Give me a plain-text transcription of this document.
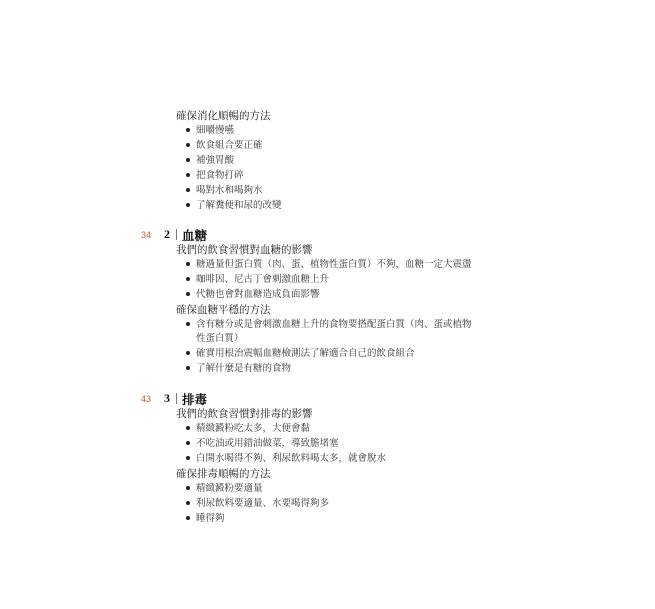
確保消化順暢的方法
細嚼慢嚥
飲食組合要正確
補強胃酸
把食物打碎
喝對水和喝夠水
了解糞便和尿的改變
34 2 血糖
我們的飲食習慣對血糖的影響
糖過量但蛋白質（肉、蛋、植物性蛋白質）不夠，血糖一定大震盪
咖啡因、尼古丁會刺激血糖上升
代糖也會對血糖造成負面影響
確保血糖平穩的方法
含有糖分或是會刺激血糖上升的食物要搭配蛋白質（肉、蛋或植物
性蛋白質）
確實用根治震幅血糖檢測法了解適合自己的飲食組合
了解什麼是有糖的食物
43 3 排毒
我們的飲食習慣對排毒的影響
精緻澱粉吃太多，大便會黏
不吃油或用錯油做菜，導致膽堵塞
白開水喝得不夠、利尿飲料喝太多，就會脫水
確保排毒順暢的方法
精緻澱粉要適量
利尿飲料要適量、水要喝得夠多
睡得夠
